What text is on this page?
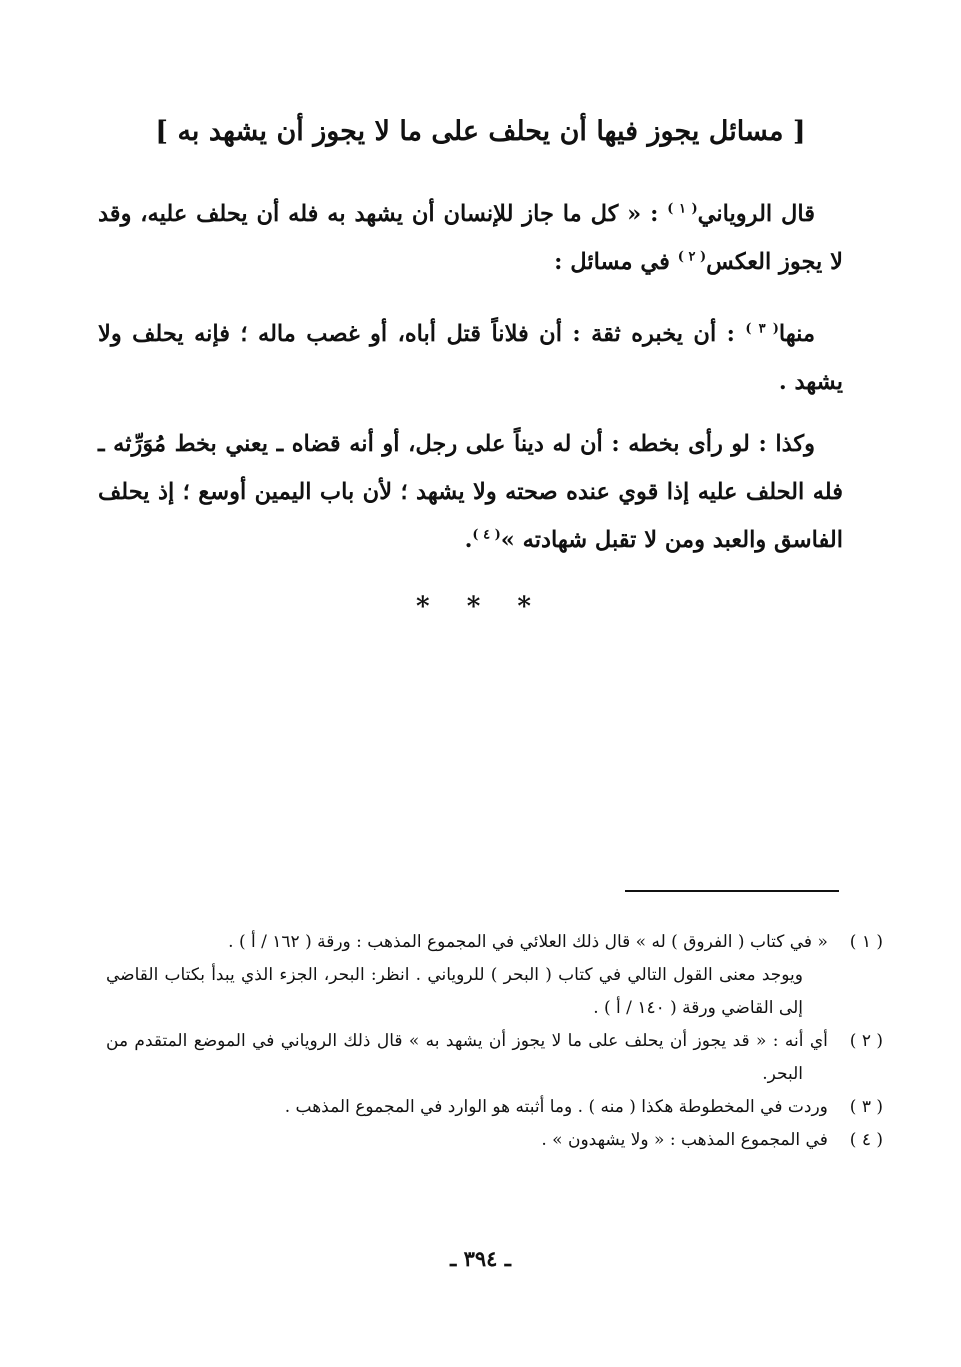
[ مسائل يجوز فيها أن يحلف على ما لا يجوز أن يشهد به ]
قال الروياني$^{( ١ )}$ : « كل ما جاز للإنسان أن يشهد به فله أن يحلف عليه، وقد لا يجوز العكس$^{( ٢ )}$ في مسائل :
منها$^{( ٣ )}$ : أن يخبره ثقة : أن فلاناً قتل أباه، أو غصب ماله ؛ فإنه يحلف ولا يشهد .
وكذا : لو رأى بخطه : أن له ديناً على رجل، أو أنه قضاه ـ يعني بخط مُوَرِّثه ـ فله الحلف عليه إذا قوي عنده صحته ولا يشهد ؛ لأن باب اليمين أوسع ؛ إذ يحلف الفاسق والعبد ومن لا تقبل شهادته »$^{( ٤ )}$.
* * *

( ١ )« في كتاب ( الفروق ) له » قال ذلك العلائي في المجموع المذهب : ورقة ( ١٦٢ / أ ) .

ويوجد معنى القول التالي في كتاب ( البحر ) للروياني . انظر: البحر، الجزء الذي يبدأ بكتاب القاضي إلى القاضي ورقة ( ١٤٠ / أ ) .

( ٢ )أي أنه : « قد يجوز أن يحلف على ما لا يجوز أن يشهد به » قال ذلك الروياني في الموضع المتقدم من البحر.

( ٣ )وردت في المخطوطة هكذا ( منه ) . وما أثبته هو الوارد في المجموع المذهب .

( ٤ )في المجموع المذهب : « ولا يشهدون » .

ـ ٣٩٤ ـ
